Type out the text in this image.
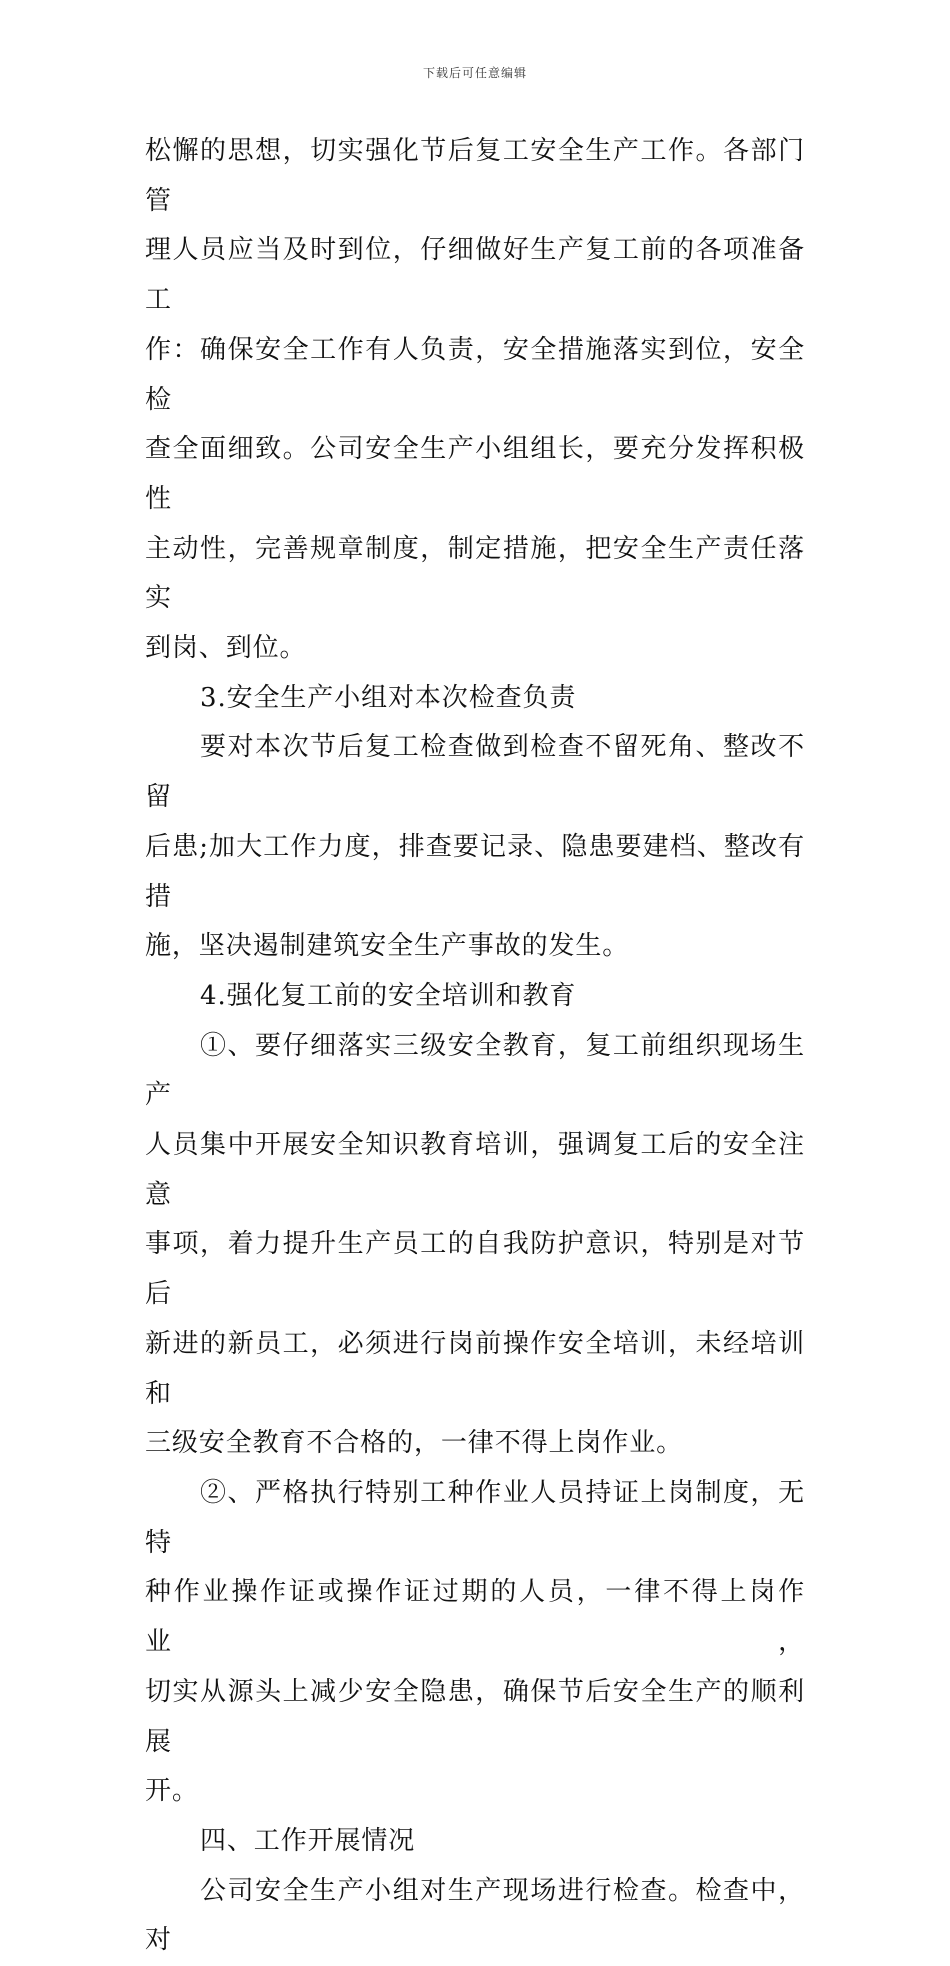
下载后可任意编辑
松懈的思想，切实强化节后复工安全生产工作。各部门管
理人员应当及时到位，仔细做好生产复工前的各项准备工
作：确保安全工作有人负责，安全措施落实到位，安全检
查全面细致。公司安全生产小组组长，要充分发挥积极性
主动性，完善规章制度，制定措施，把安全生产责任落实
到岗、到位。
3.安全生产小组对本次检查负责
要对本次节后复工检查做到检查不留死角、整改不留
后患;加大工作力度，排查要记录、隐患要建档、整改有措
施，坚决遏制建筑安全生产事故的发生。
4.强化复工前的安全培训和教育
①、要仔细落实三级安全教育，复工前组织现场生产
人员集中开展安全知识教育培训，强调复工后的安全注意
事项，着力提升生产员工的自我防护意识，特别是对节后
新进的新员工，必须进行岗前操作安全培训，未经培训和
三级安全教育不合格的，一律不得上岗作业。
②、严格执行特别工种作业人员持证上岗制度，无特
种作业操作证或操作证过期的人员，一律不得上岗作业，
切实从源头上减少安全隐患，确保节后安全生产的顺利展
开。
四、工作开展情况
公司安全生产小组对生产现场进行检查。检查中，对
